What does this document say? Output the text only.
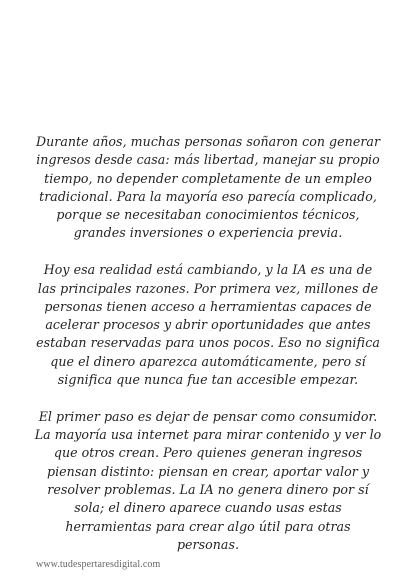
Durante años, muchas personas soñaron con generar ingresos desde casa: más libertad, manejar su propio tiempo, no depender completamente de un empleo tradicional. Para la mayoría eso parecía complicado, porque se necesitaban conocimientos técnicos, grandes inversiones o experiencia previa.

Hoy esa realidad está cambiando, y la IA es una de las principales razones. Por primera vez, millones de personas tienen acceso a herramientas capaces de acelerar procesos y abrir oportunidades que antes estaban reservadas para unos pocos. Eso no significa que el dinero aparezca automáticamente, pero sí significa que nunca fue tan accesible empezar.

El primer paso es dejar de pensar como consumidor. La mayoría usa internet para mirar contenido y ver lo que otros crean. Pero quienes generan ingresos piensan distinto: piensan en crear, aportar valor y resolver problemas. La IA no genera dinero por sí sola; el dinero aparece cuando usas estas herramientas para crear algo útil para otras personas.

www.tudespertaresdigital.com
